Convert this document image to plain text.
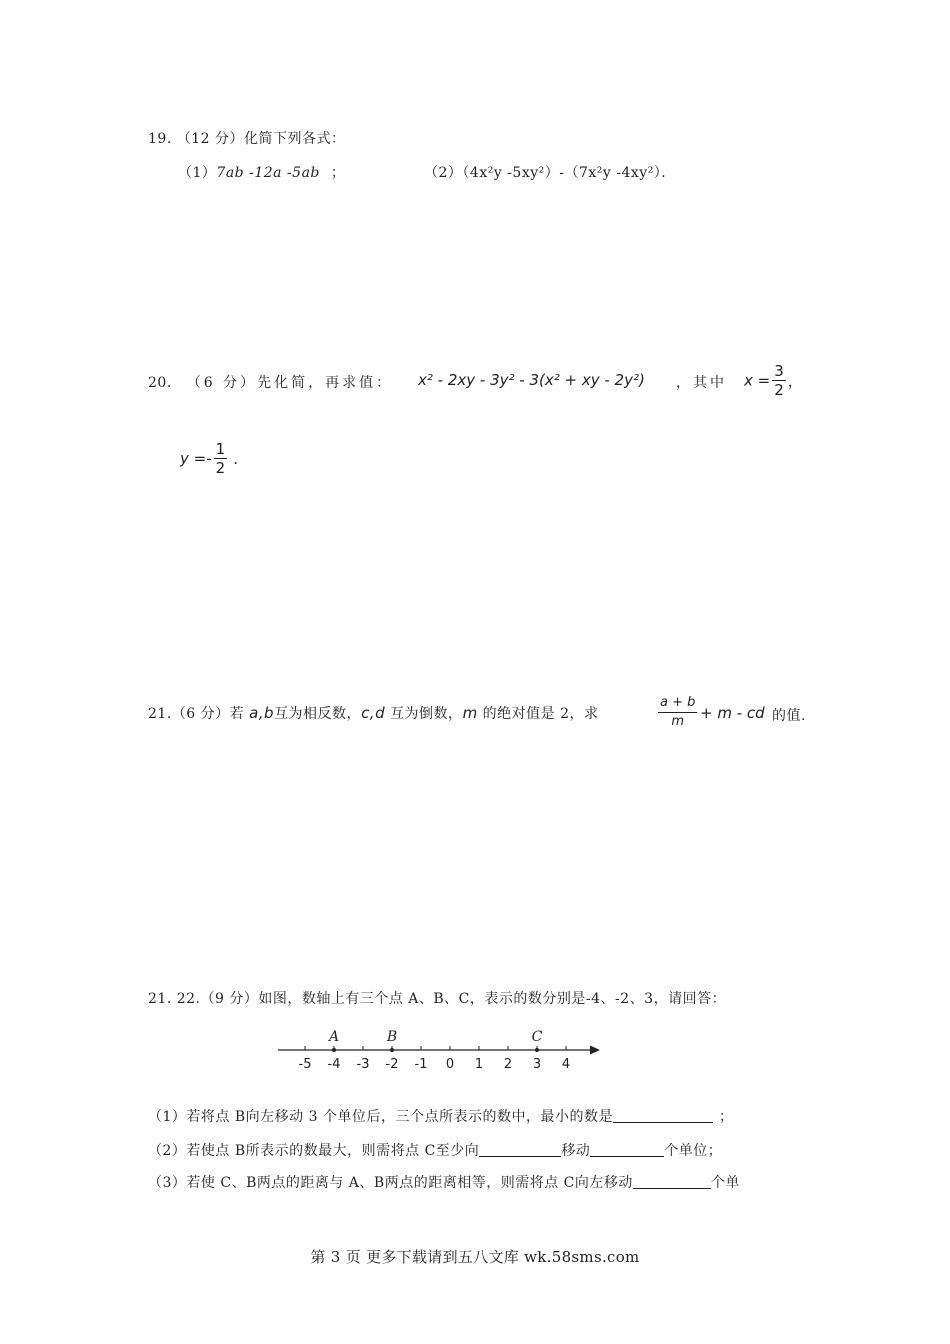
19. （12 分）化简下列各式：
（1）7ab -12a -5ab ；	（2）（4x²y -5xy²）-（7x²y -4xy²）．
20. （6 分）先化简，再求值： x² - 2xy - 3y² - 3(x² + xy - 2y²) ，其中 $x = \frac{3}{2}$ ，
$y =- \frac{1}{2}$ .
21.（6 分）若 a,b互为相反数，c,d 互为倒数，m 的绝对值是 2，求	$\frac{a + b}{m} + m$ - cd 的值.
21. 22.（9 分）如图，数轴上有三个点 A、B、C，表示的数分别是-4、-2、3，请回答：
-5 -4 -3 -2 -1 0 1 2 3 4
A	B	C
（1）若将点 B向左移动 3 个单位后，三个点所表示的数中，最小的数是	；
（2）若使点 B所表示的数最大，则需将点 C至少向	移动	个单位；
（3）若使 C、B两点的距离与 A、B两点的距离相等，则需将点 C向左移动	个单
第 3 页 更多下载请到五八文库 wk.58sms.com
